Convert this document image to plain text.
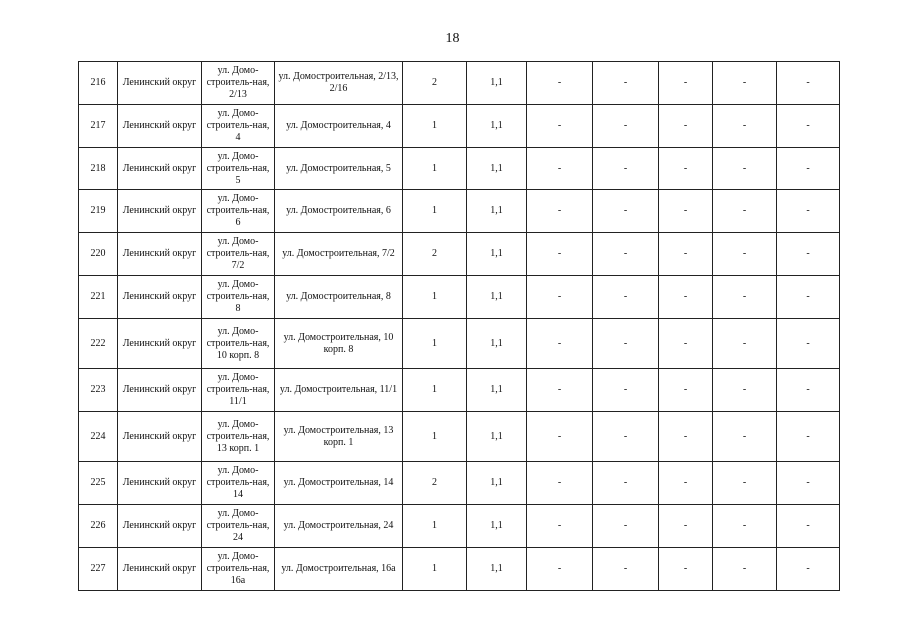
18
216	Ленинский округ	ул. Домо-строитель-ная, 2/13	ул. Домостроительная, 2/13, 2/16	2	1,1	-	-	-	-	-
217	Ленинский округ	ул. Домо-строитель-ная, 4	ул. Домостроительная, 4	1	1,1	-	-	-	-	-
218	Ленинский округ	ул. Домо-строитель-ная, 5	ул. Домостроительная, 5	1	1,1	-	-	-	-	-
219	Ленинский округ	ул. Домо-строитель-ная, 6	ул. Домостроительная, 6	1	1,1	-	-	-	-	-
220	Ленинский округ	ул. Домо-строитель-ная, 7/2	ул. Домостроительная, 7/2	2	1,1	-	-	-	-	-
221	Ленинский округ	ул. Домо-строитель-ная, 8	ул. Домостроительная, 8	1	1,1	-	-	-	-	-
222	Ленинский округ	ул. Домо-строитель-ная, 10 корп. 8	ул. Домостроительная, 10 корп. 8	1	1,1	-	-	-	-	-
223	Ленинский округ	ул. Домо-строитель-ная, 11/1	ул. Домостроительная, 11/1	1	1,1	-	-	-	-	-
224	Ленинский округ	ул. Домо-строитель-ная, 13 корп. 1	ул. Домостроительная, 13 корп. 1	1	1,1	-	-	-	-	-
225	Ленинский округ	ул. Домо-строитель-ная, 14	ул. Домостроительная, 14	2	1,1	-	-	-	-	-
226	Ленинский округ	ул. Домо-строитель-ная, 24	ул. Домостроительная, 24	1	1,1	-	-	-	-	-
227	Ленинский округ	ул. Домо-строитель-ная, 16а	ул. Домостроительная, 16а	1	1,1	-	-	-	-	-
